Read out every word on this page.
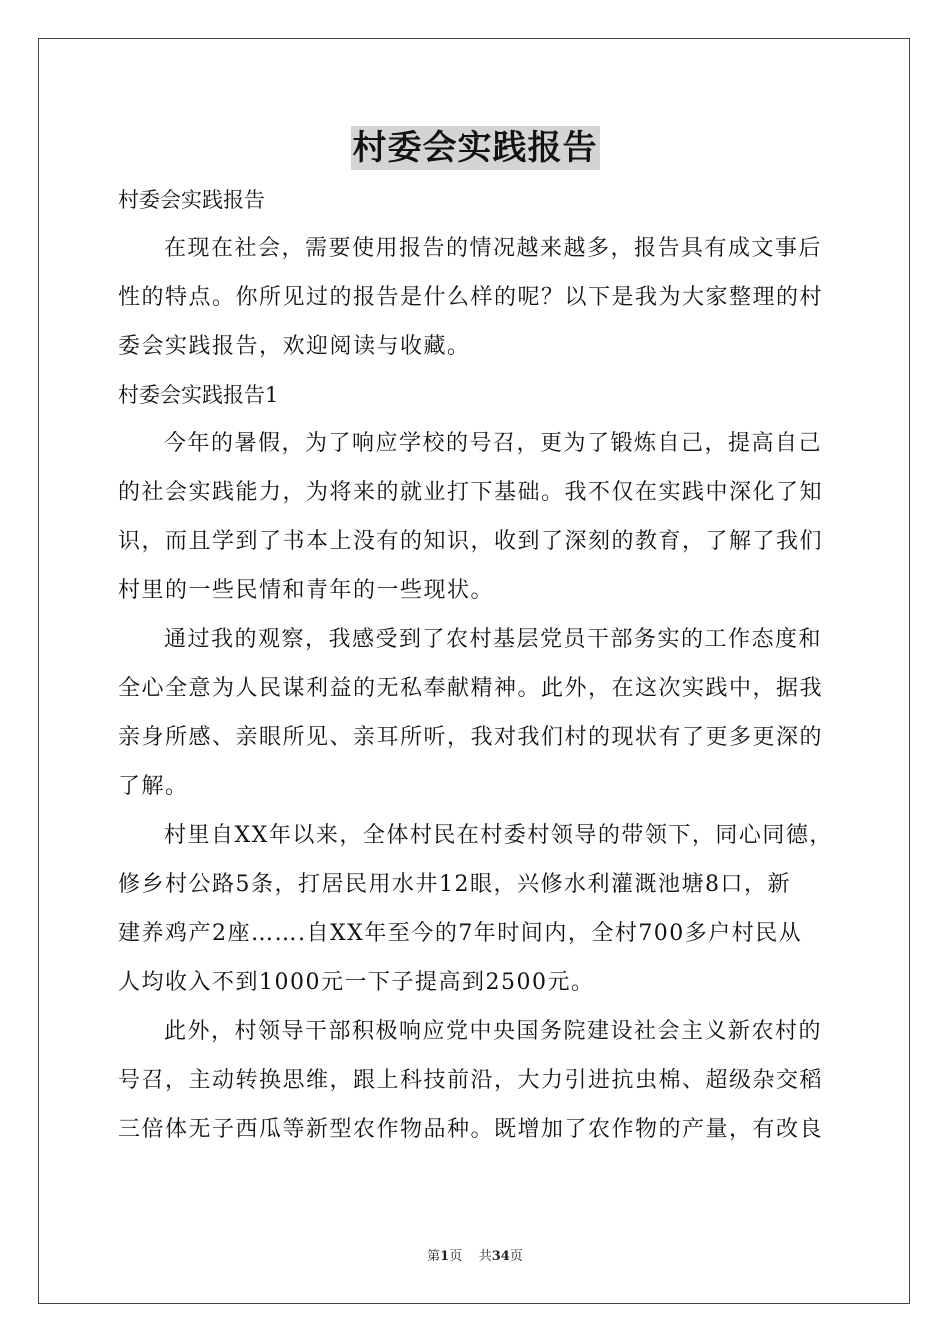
村委会实践报告
村委会实践报告
在现在社会，需要使用报告的情况越来越多，报告具有成文事后
性的特点。你所见过的报告是什么样的呢？以下是我为大家整理的村
委会实践报告，欢迎阅读与收藏。
村委会实践报告1
今年的暑假，为了响应学校的号召，更为了锻炼自己，提高自己
的社会实践能力，为将来的就业打下基础。我不仅在实践中深化了知
识，而且学到了书本上没有的知识，收到了深刻的教育，了解了我们
村里的一些民情和青年的一些现状。
通过我的观察，我感受到了农村基层党员干部务实的工作态度和
全心全意为人民谋利益的无私奉献精神。此外，在这次实践中，据我
亲身所感、亲眼所见、亲耳所听，我对我们村的现状有了更多更深的
了解。
村里自XX年以来，全体村民在村委村领导的带领下，同心同德，
修乡村公路5条，打居民用水井12眼，兴修水利灌溉池塘8口，新
建养鸡产2座…….自XX年至今的7年时间内，全村700多户村民从
人均收入不到1000元一下子提高到2500元。
此外，村领导干部积极响应党中央国务院建设社会主义新农村的
号召，主动转换思维，跟上科技前沿，大力引进抗虫棉、超级杂交稻
三倍体无子西瓜等新型农作物品种。既增加了农作物的产量，有改良
第1页 共34页
